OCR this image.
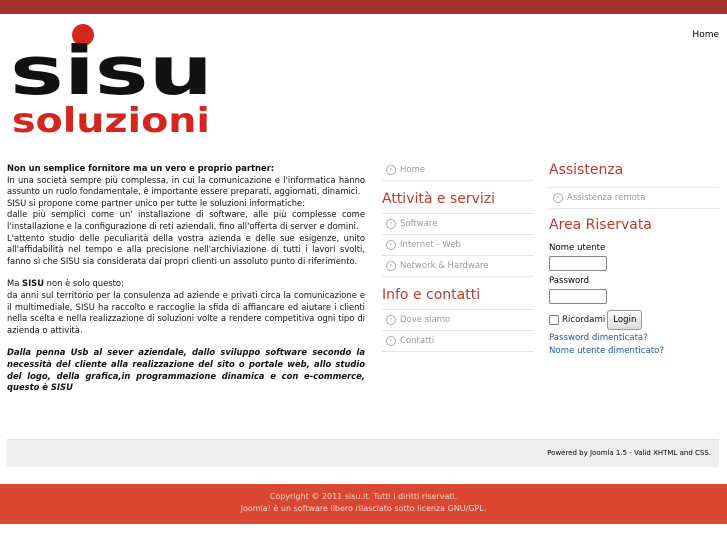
Home
sisu
soluzioni

Non un semplice fornitore ma un vero e proprio partner:

In una società sempre più complessa, in cui la comunicazione e l'informatica hanno assunto un ruolo fondamentale, è importante essere preparati, aggiornati, dinamici.

SISU si propone come partner unico per tutte le soluzioni informatiche:

dalle più semplici come un' installazione di software, alle più complesse come l'installazione e la configurazione di reti aziendali, fino all'offerta di server e domini.

L'attento studio delle peculiarità della vostra azienda e delle sue esigenze, unito all'affidabilità nel tempo e alla precisione nell'archiviazione di tutti i lavori svolti, fanno sì che SISU sia considerata dai propri clienti un assoluto punto di riferimento.

Ma SISU non è solo questo:

da anni sul territorio per la consulenza ad aziende e privati circa la comunicazione e il multimediale, SISU ha raccolto e raccoglie la sfida di affiancare ed aiutare i clienti nella scelta e nella realizzazione di soluzioni volte a rendere competitiva ogni tipo di azienda o attività.

Dalla penna Usb al sever aziendale, dallo sviluppo software secondo la necessità del cliente alla realizzazione del sito o portale web, allo studio del logo, della grafica,in programmazione dinamica e con e-commerce, questo è SISU
› Home
Attività e servizi
› Software
› Internet - Web
› Network & Hardware
Info e contatti
› Dove siamo
› Contatti
Assistenza
› Assistenza remota
Area Riservata
Nome utente
Password
Ricordami Login
Password dimenticata?
Nome utente dimenticato?
Powered by Joomla 1.5 - Valid XHTML and CSS.
Copyright © 2011 sisu.it. Tutti i diritti riservati.
Joomla! è un software libero rilasciato sotto licenza GNU/GPL.
